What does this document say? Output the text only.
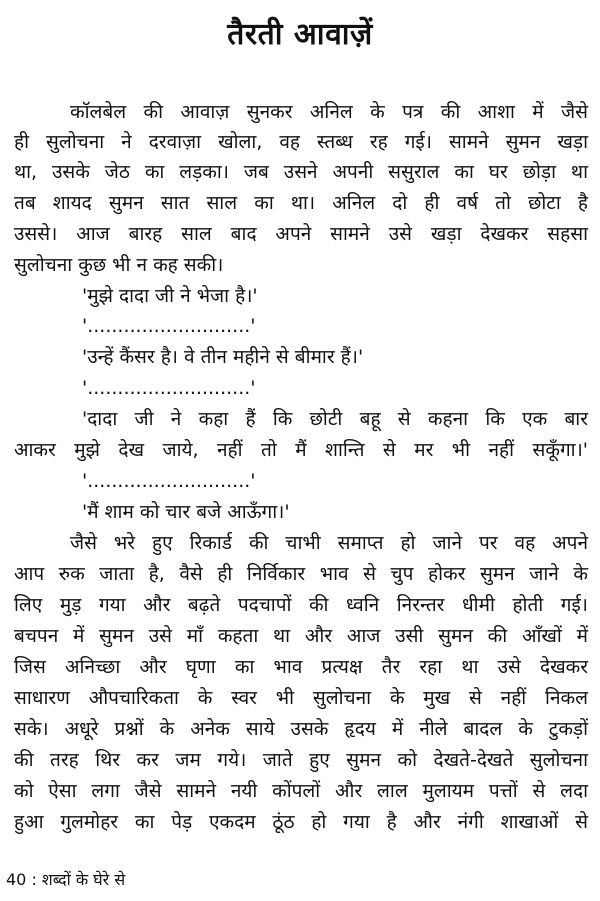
तैरती आवाज़ें
कॉलबेल की आवाज़ सुनकर अनिल के पत्र की आशा में जैसे
ही सुलोचना ने दरवाज़ा खोला, वह स्तब्ध रह गई। सामने सुमन खड़ा
था, उसके जेठ का लड़का। जब उसने अपनी ससुराल का घर छोड़ा था
तब शायद सुमन सात साल का था। अनिल दो ही वर्ष तो छोटा है
उससे। आज बारह साल बाद अपने सामने उसे खड़ा देखकर सहसा
सुलोचना कुछ भी न कह सकी।
'मुझे दादा जी ने भेजा है।'
'...........................'
'उन्हें कैंसर है। वे तीन महीने से बीमार हैं।'
'...........................'
'दादा जी ने कहा हैं कि छोटी बहू से कहना कि एक बार
आकर मुझे देख जाये, नहीं तो मैं शान्ति से मर भी नहीं सकूँगा।'
'...........................'
'मैं शाम को चार बजे आऊँगा।'
जैसे भरे हुए रिकार्ड की चाभी समाप्त हो जाने पर वह अपने
आप रुक जाता है, वैसे ही निर्विकार भाव से चुप होकर सुमन जाने के
लिए मुड़ गया और बढ़ते पदचापों की ध्वनि निरन्तर धीमी होती गई।
बचपन में सुमन उसे माँ कहता था और आज उसी सुमन की आँखों में
जिस अनिच्छा और घृणा का भाव प्रत्यक्ष तैर रहा था उसे देखकर
साधारण औपचारिकता के स्वर भी सुलोचना के मुख से नहीं निकल
सके। अधूरे प्रश्नों के अनेक साये उसके हृदय में नीले बादल के टुकड़ों
की तरह थिर कर जम गये। जाते हुए सुमन को देखते-देखते सुलोचना
को ऐसा लगा जैसे सामने नयी कोंपलों और लाल मुलायम पत्तों से लदा
हुआ गुलमोहर का पेड़ एकदम ठूंठ हो गया है और नंगी शाखाओं से
40 : शब्दों के घेरे से
